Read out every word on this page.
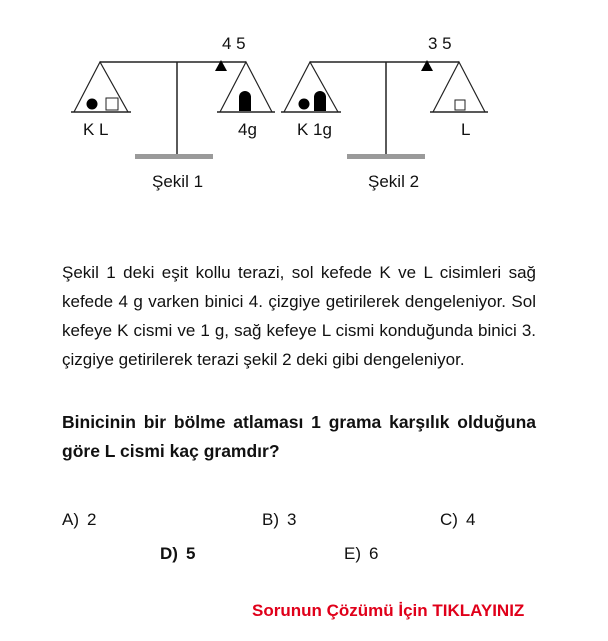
4 5
K L	4g
Şekil 1
3 5
K 1g	L
Şekil 2

Şekil 1 deki eşit kollu terazi, sol kefede K ve L cisimleri sağ kefede 4 g varken binici 4. çizgiye getirilerek dengeleniyor. Sol kefeye K cismi ve 1 g, sağ kefeye L cismi konduğunda binici 3. çizgiye getirilerek terazi şekil 2 deki gibi dengeleniyor.

Binicinin bir bölme atlaması 1 grama karşılık olduğuna göre L cismi kaç gramdır?

A) 2	B) 3	C) 4
D) 5	E) 6
Sorunun Çözümü İçin TIKLAYINIZ
